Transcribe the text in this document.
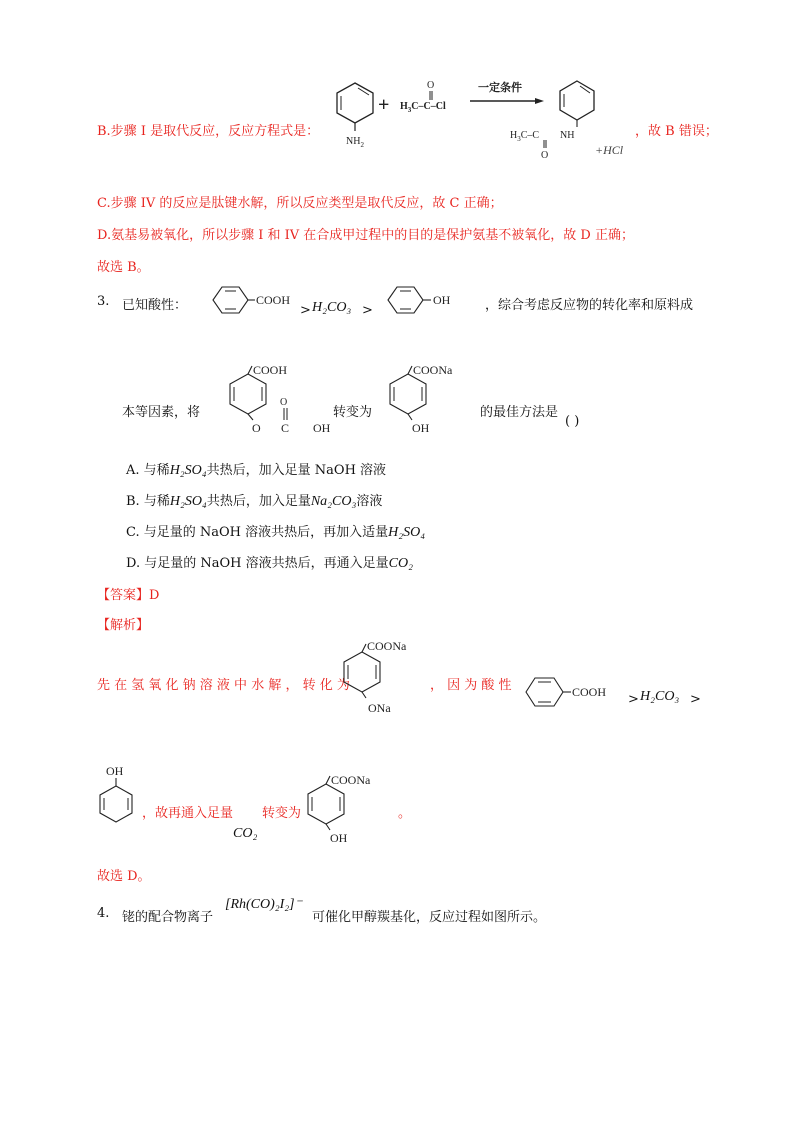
B.步骤 I 是取代反应，反应方程式是：
$NH_2$
+ $H_3C-C-Cl$
O	一定条件
NH
$H_3C-C$
O	+HCl
，故 B 错误；
C.步骤 IV 的反应是肽键水解，所以反应类型是取代反应，故 C 正确；
D.氨基易被氧化，所以步骤 I 和 IV 在合成甲过程中的目的是保护氨基不被氧化，故 D 正确；
故选 B。
3. 已知酸性：	COOH
> H₂CO₃ >
OH	，综合考虑反应物的转化率和原料成
本等因素，将
COOH
O C
O
OH
转变为
COONa
OH
的最佳方法是
( )
A. 与稀H₂SO₄共热后，加入足量 NaOH 溶液
B. 与稀H₂SO₄共热后，加入足量Na₂CO₃溶液
C. 与足量的 NaOH 溶液共热后，再加入适量H₂SO₄
D. 与足量的 NaOH 溶液共热后，再通入足量CO₂
【答案】D
【解析】
先 在 氢 氧 化 钠 溶 液 中 水 解 ， 转 化 为
COONa
ONa
， 因 为 酸 性	COOH > H₂CO₃ >
OH
，故再通入足量
CO₂
转变为
COONa
OH
。
故选 D。
4. 铑的配合物离子
[Rh(CO)₂I₂]⁻
可催化甲醇羰基化，反应过程如图所示。
